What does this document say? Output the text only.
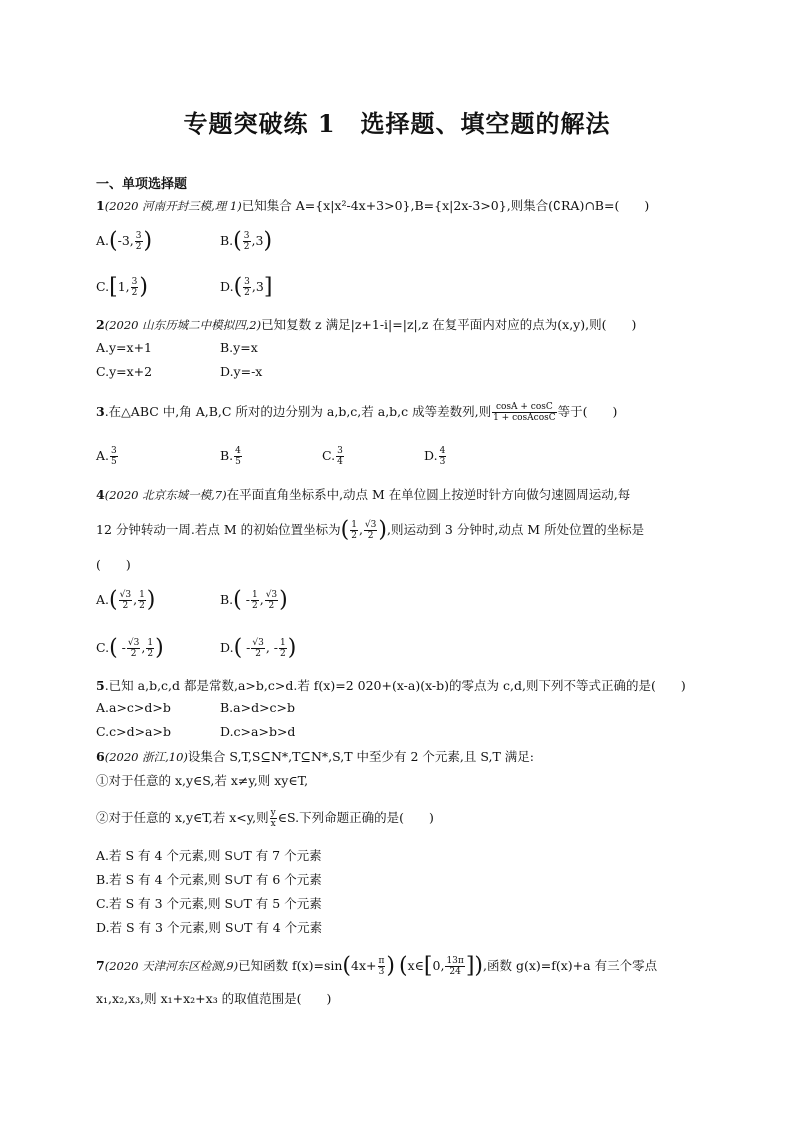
专题突破练 1　选择题、填空题的解法
一、单项选择题
1(2020 河南开封三模,理 1)已知集合 A={x|x²-4x+3>0},B={x|2x-3>0},则集合(∁RA)∩B=(　　)
A.(-3, $\frac{3}{2}$ )	$B.( \frac{3}{2} ,3)$
C.[1, $\frac{3}{2}$ )	$D.( \frac{3}{2} ,3]$
2(2020 山东历城二中模拟四,2)已知复数 z 满足|z+1-i|=|z|,z 在复平面内对应的点为(x,y),则(　　)
A.y=x+1	B.y=x
C.y=x+2	D.y=-x
3.在△ABC 中,角 A,B,C 所对的边分别为 a,b,c,若 a,b,c 成等差数列,则 $\frac{\cos A + \cos C}{\text{1 + cosAcosC}}$ 等于(　　)
A. $\frac{3}{5}$	B. $\frac{4}{5}$	C. $\frac{3}{4}$	D. $\frac{4}{3}$
4(2020 北京东城一模,7)在平面直角坐标系中,动点 M 在单位圆上按逆时针方向做匀速圆周运动,每
12 分钟转动一周.若点 M 的初始位置坐标为( $\frac{1}{2}$ , $\frac{√3}{2}$ ),则运动到 3 分钟时,动点 M 所处位置的坐标是
(　　)
$A.( \frac{√3}{2}$ , $\frac{1}{2}$ )	$B.( - \frac{1}{2}$ , $\frac{√3}{2}$ )
$C.( - \frac{√3}{2}$ , $\frac{1}{2}$ )	$D.( - \frac{√3}{2}$ , - $\frac{1}{2}$ )
5.已知 a,b,c,d 都是常数,a>b,c>d.若 f(x)=2 020+(x-a)(x-b)的零点为 c,d,则下列不等式正确的是(　　)
A.a>c>d>b	B.a>d>c>b
C.c>d>a>b	D.c>a>b>d
6(2020 浙江,10)设集合 S,T,S⊆N*,T⊆N*,S,T 中至少有 2 个元素,且 S,T 满足:
①对于任意的 x,y∈S,若 x≠y,则 xy∈T,
②对于任意的 x,y∈T,若 x<y,则 $\frac{y}{x}$ ∈S.下列命题正确的是(　　)
A.若 S 有 4 个元素,则 S∪T 有 7 个元素
B.若 S 有 4 个元素,则 S∪T 有 6 个元素
C.若 S 有 3 个元素,则 S∪T 有 5 个元素
D.若 S 有 3 个元素,则 S∪T 有 4 个元素
7(2020 天津河东区检测,9)已知函数 $f(x)=\sin(4x+ \frac{\pi}{3}$ ) (x∈[0, $\frac{13\pi}{24}$ ]),函数 g(x)=f(x)+a 有三个零点
x₁,x₂,x₃,则 x₁+x₂+x₃ 的取值范围是(　　)
